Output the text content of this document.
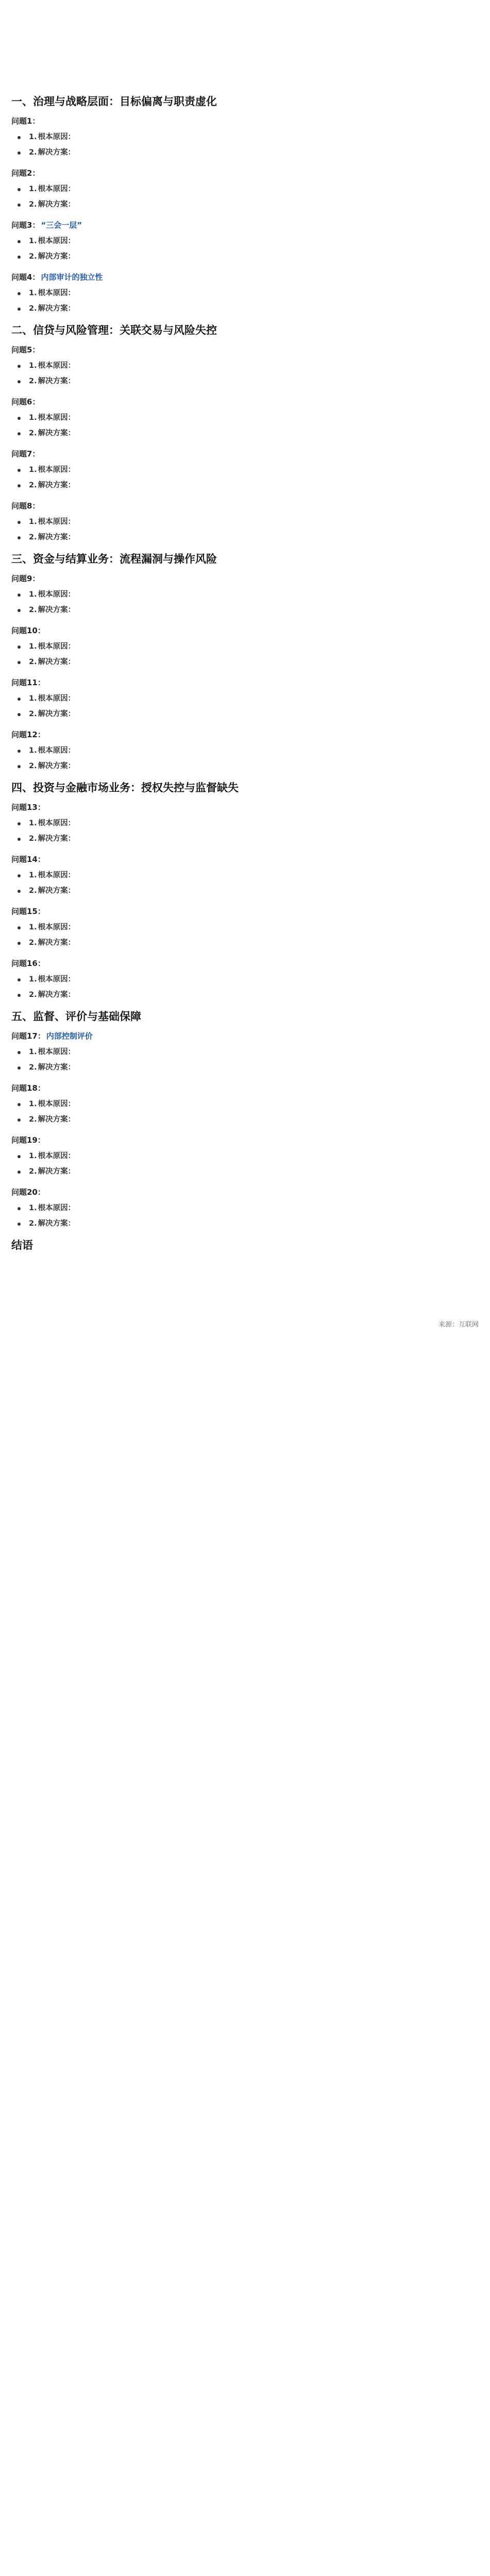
一、治理与战略层面：目标偏离与职责虚化
问题1：
1. 根本原因：
2. 解决方案：
问题2：
1. 根本原因：
2. 解决方案：
问题3： “三会一层”
1. 根本原因：
2. 解决方案：
问题4： 内部审计的独立性
1. 根本原因：
2. 解决方案：
二、信贷与风险管理：关联交易与风险失控
问题5：
1. 根本原因：
2. 解决方案：
问题6：
1. 根本原因：
2. 解决方案：
问题7：
1. 根本原因：
2. 解决方案：
问题8：
1. 根本原因：
2. 解决方案：
三、资金与结算业务：流程漏洞与操作风险
问题9：
1. 根本原因：
2. 解决方案：
问题10：
1. 根本原因：
2. 解决方案：
问题11：
1. 根本原因：
2. 解决方案：
问题12：
1. 根本原因：
2. 解决方案：
四、投资与金融市场业务：授权失控与监督缺失
问题13：
1. 根本原因：
2. 解决方案：
问题14：
1. 根本原因：
2. 解决方案：
问题15：
1. 根本原因：
2. 解决方案：
问题16：
1. 根本原因：
2. 解决方案：
五、监督、评价与基础保障
问题17： 内部控制评价
1. 根本原因：
2. 解决方案：
问题18：
1. 根本原因：
2. 解决方案：
问题19：
1. 根本原因：
2. 解决方案：
问题20：
1. 根本原因：
2. 解决方案：
结语

来源：互联网
